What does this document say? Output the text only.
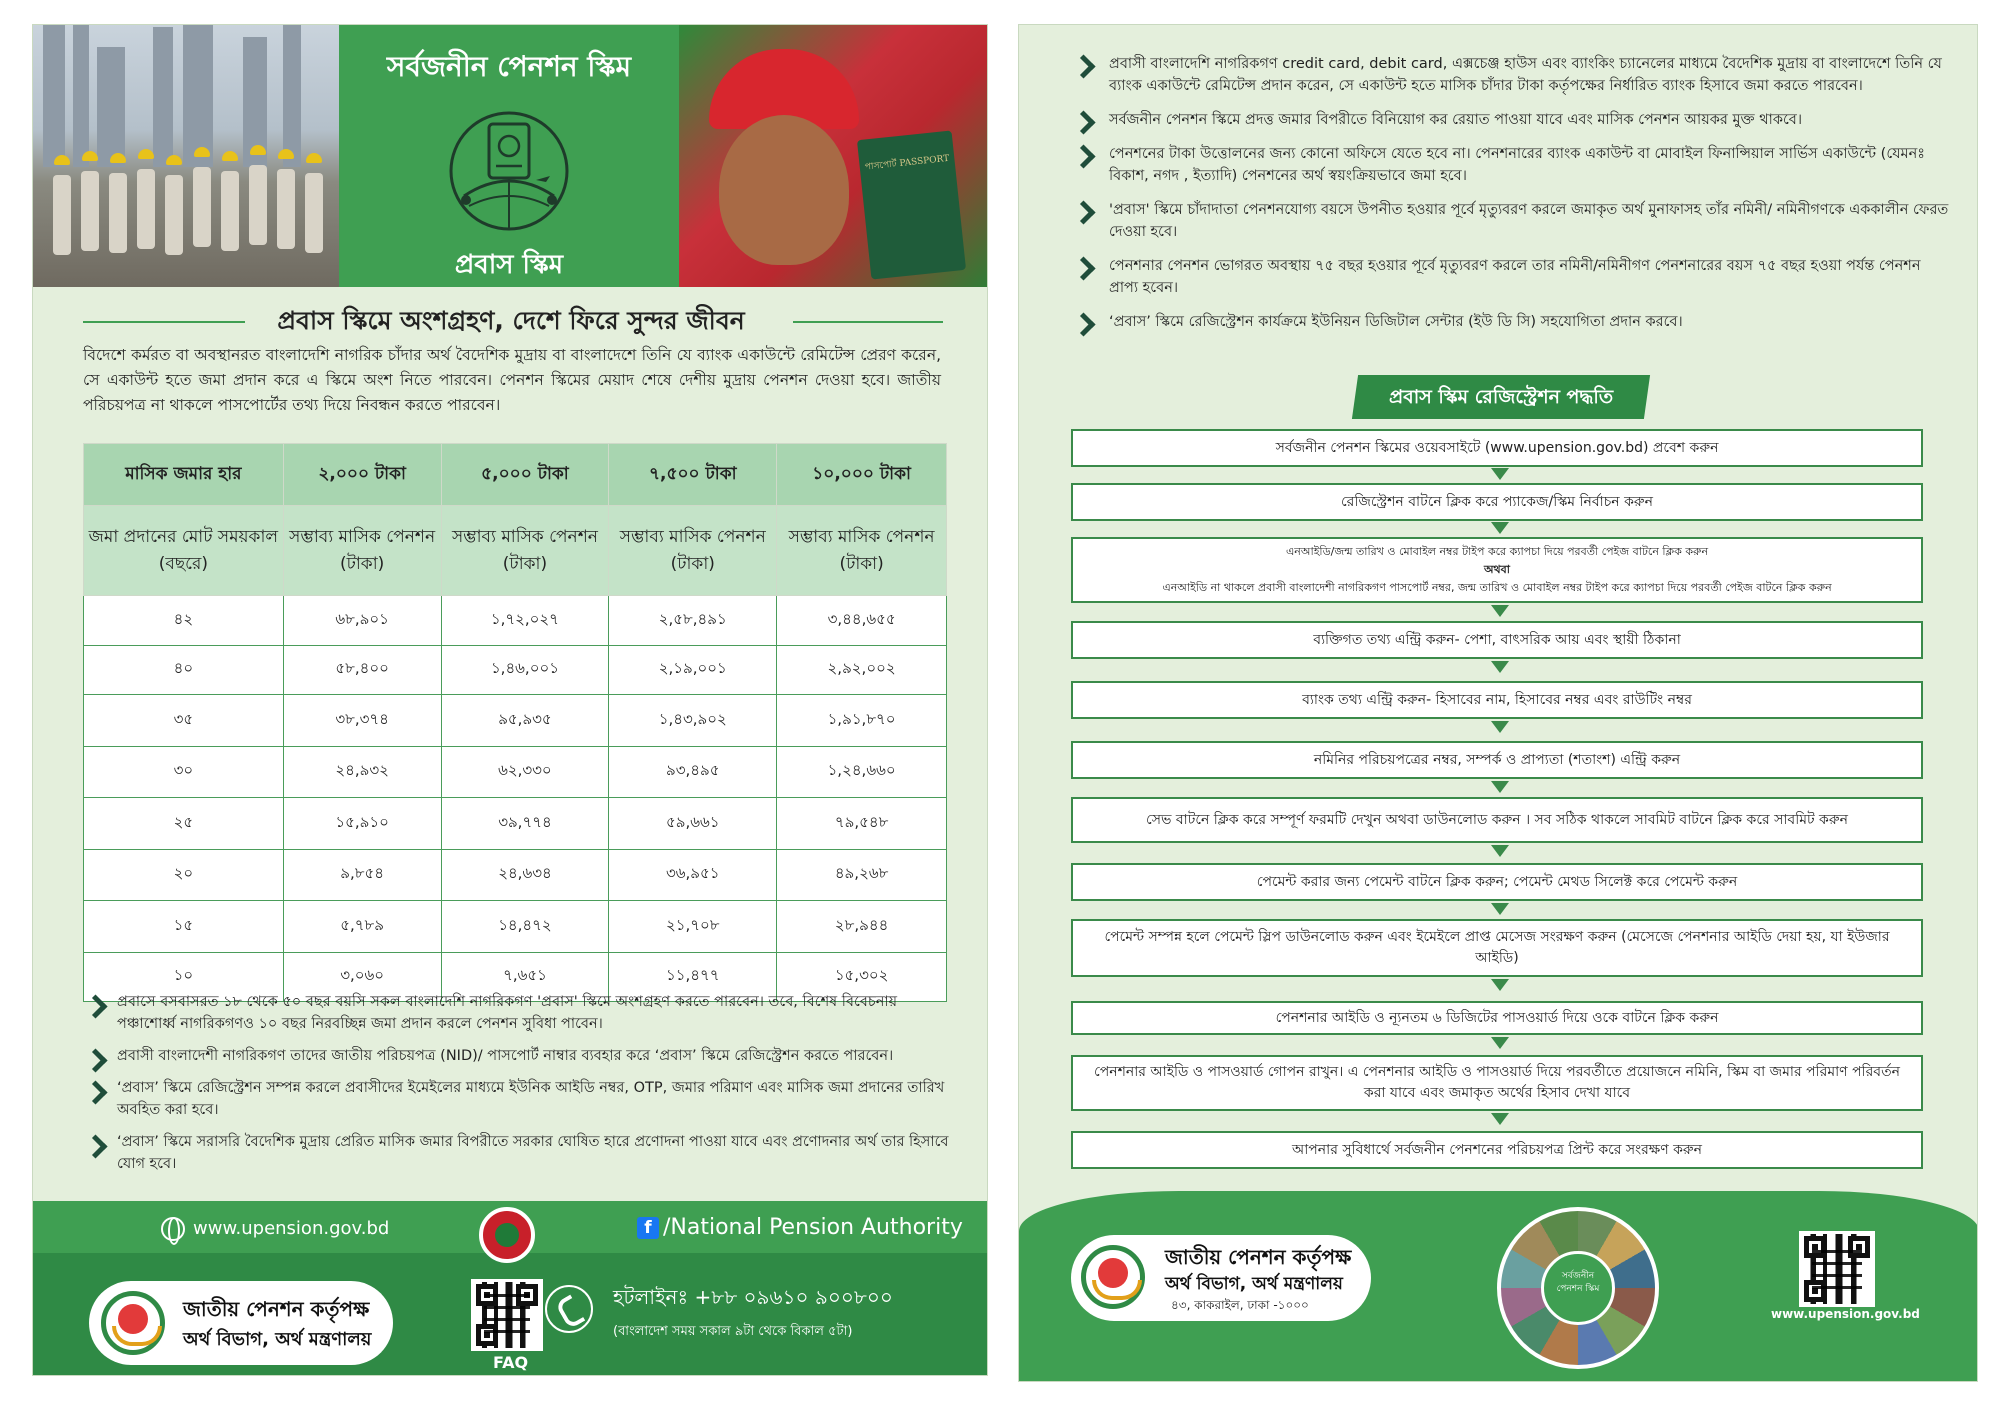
সর্বজনীন পেনশন স্কিম
প্রবাস স্কিম
পাসপোর্ট PASSPORT
প্রবাস স্কিমে অংশগ্রহণ, দেশে ফিরে সুন্দর জীবন

বিদেশে কর্মরত বা অবস্থানরত বাংলাদেশি নাগরিক চাঁদার অর্থ বৈদেশিক মুদ্রায় বা বাংলাদেশে তিনি যে ব্যাংক একাউন্টে রেমিটেন্স প্রেরণ করেন, সে একাউন্ট হতে জমা প্রদান করে এ স্কিমে অংশ নিতে পারবেন। পেনশন স্কিমের মেয়াদ শেষে দেশীয় মুদ্রায় পেনশন দেওয়া হবে। জাতীয় পরিচয়পত্র না থাকলে পাসপোর্টের তথ্য দিয়ে নিবন্ধন করতে পারবেন।

মাসিক জমার হার	২,০০০ টাকা	৫,০০০ টাকা	৭,৫০০ টাকা	১০,০০০ টাকা
জমা প্রদানের মোট সময়কাল (বছরে)	সম্ভাব্য মাসিক পেনশন (টাকা)	সম্ভাব্য মাসিক পেনশন (টাকা)	সম্ভাব্য মাসিক পেনশন (টাকা)	সম্ভাব্য মাসিক পেনশন (টাকা)
৪২	৬৮,৯০১	১,৭২,০২৭	২,৫৮,৪৯১	৩,৪৪,৬৫৫
৪০	৫৮,৪০০	১,৪৬,০০১	২,১৯,০০১	২,৯২,০০২
৩৫	৩৮,৩৭৪	৯৫,৯৩৫	১,৪৩,৯০২	১,৯১,৮৭০
৩০	২৪,৯৩২	৬২,৩৩০	৯৩,৪৯৫	১,২৪,৬৬০
২৫	১৫,৯১০	৩৯,৭৭৪	৫৯,৬৬১	৭৯,৫৪৮
২০	৯,৮৫৪	২৪,৬৩৪	৩৬,৯৫১	৪৯,২৬৮
১৫	৫,৭৮৯	১৪,৪৭২	২১,৭০৮	২৮,৯৪৪
১০	৩,০৬০	৭,৬৫১	১১,৪৭৭	১৫,৩০২
প্রবাসে বসবাসরত ১৮ থেকে ৫০ বছর বয়সি সকল বাংলাদেশি নাগরিকগণ 'প্রবাস' স্কিমে অংশগ্রহণ করতে পারবেন। তবে, বিশেষ বিবেচনায় পঞ্চাশোর্ধ্ব নাগরিকগণও ১০ বছর নিরবচ্ছিন্ন জমা প্রদান করলে পেনশন সুবিধা পাবেন।
প্রবাসী বাংলাদেশী নাগরিকগণ তাদের জাতীয় পরিচয়পত্র (NID)/ পাসপোর্ট নাম্বার ব্যবহার করে ‘প্রবাস’ স্কিমে রেজিস্ট্রেশন করতে পারবেন।
‘প্রবাস’ স্কিমে রেজিস্ট্রেশন সম্পন্ন করলে প্রবাসীদের ইমেইলের মাধ্যমে ইউনিক আইডি নম্বর, OTP, জমার পরিমাণ এবং মাসিক জমা প্রদানের তারিখ অবহিত করা হবে।
‘প্রবাস’ স্কিমে সরাসরি বৈদেশিক মুদ্রায় প্রেরিত মাসিক জমার বিপরীতে সরকার ঘোষিত হারে প্রণোদনা পাওয়া যাবে এবং প্রণোদনার অর্থ তার হিসাবে যোগ হবে।
www.upension.gov.bd	f /National Pension Authority
জাতীয় পেনশন কর্তৃপক্ষ
অর্থ বিভাগ, অর্থ মন্ত্রণালয়
FAQ
হটলাইনঃ +৮৮ ০৯৬১০ ৯০০৮০০
(বাংলাদেশ সময় সকাল ৯টা থেকে বিকাল ৫টা)
প্রবাসী বাংলাদেশি নাগরিকগণ credit card, debit card, এক্সচেঞ্জ হাউস এবং ব্যাংকিং চ্যানেলের মাধ্যমে বৈদেশিক মুদ্রায় বা বাংলাদেশে তিনি যে ব্যাংক একাউন্টে রেমিটেন্স প্রদান করেন, সে একাউন্ট হতে মাসিক চাঁদার টাকা কর্তৃপক্ষের নির্ধারিত ব্যাংক হিসাবে জমা করতে পারবেন।
সর্বজনীন পেনশন স্কিমে প্রদত্ত জমার বিপরীতে বিনিয়োগ কর রেয়াত পাওয়া যাবে এবং মাসিক পেনশন আয়কর মুক্ত থাকবে।
পেনশনের টাকা উত্তোলনের জন্য কোনো অফিসে যেতে হবে না। পেনশনারের ব্যাংক একাউন্ট বা মোবাইল ফিনান্সিয়াল সার্ভিস একাউন্টে (যেমনঃ বিকাশ, নগদ , ইত্যাদি) পেনশনের অর্থ স্বয়ংক্রিয়ভাবে জমা হবে।
'প্রবাস' স্কিমে চাঁদাদাতা পেনশনযোগ্য বয়সে উপনীত হওয়ার পূর্বে মৃত্যুবরণ করলে জমাকৃত অর্থ মুনাফাসহ তাঁর নমিনী/ নমিনীগণকে এককালীন ফেরত দেওয়া হবে।
পেনশনার পেনশন ভোগরত অবস্থায় ৭৫ বছর হওয়ার পূর্বে মৃত্যুবরণ করলে তার নমিনী/নমিনীগণ পেনশনারের বয়স ৭৫ বছর হওয়া পর্যন্ত পেনশন প্রাপ্য হবেন।
‘প্রবাস’ স্কিমে রেজিস্ট্রেশন কার্যক্রমে ইউনিয়ন ডিজিটাল সেন্টার (ইউ ডি সি) সহযোগিতা প্রদান করবে।
প্রবাস স্কিম রেজিস্ট্রেশন পদ্ধতি
সর্বজনীন পেনশন স্কিমের ওয়েবসাইটে (www.upension.gov.bd) প্রবেশ করুন
রেজিস্ট্রেশন বাটনে ক্লিক করে প্যাকেজ/স্কিম নির্বাচন করুন
এনআইডি/জন্ম তারিখ ও মোবাইল নম্বর টাইপ করে ক্যাপচা দিয়ে পরবর্তী পেইজ বাটনে ক্লিক করুন
অথবা
এনআইডি না থাকলে প্রবাসী বাংলাদেশী নাগরিকগণ পাসপোর্ট নম্বর, জন্ম তারিখ ও মোবাইল নম্বর টাইপ করে ক্যাপচা দিয়ে পরবর্তী পেইজ বাটনে ক্লিক করুন
ব্যক্তিগত তথ্য এন্ট্রি করুন- পেশা, বাৎসরিক আয় এবং স্থায়ী ঠিকানা
ব্যাংক তথ্য এন্ট্রি করুন- হিসাবের নাম, হিসাবের নম্বর এবং রাউটিং নম্বর
নমিনির পরিচয়পত্রের নম্বর, সম্পর্ক ও প্রাপ্যতা (শতাংশ) এন্ট্রি করুন
সেভ বাটনে ক্লিক করে সম্পূর্ণ ফরমটি দেখুন অথবা ডাউনলোড করুন । সব সঠিক থাকলে সাবমিট বাটনে ক্লিক করে সাবমিট করুন
পেমেন্ট করার জন্য পেমেন্ট বাটনে ক্লিক করুন; পেমেন্ট মেথড সিলেক্ট করে পেমেন্ট করুন
পেমেন্ট সম্পন্ন হলে পেমেন্ট স্লিপ ডাউনলোড করুন এবং ইমেইলে প্রাপ্ত মেসেজ সংরক্ষণ করুন (মেসেজে পেনশনার আইডি দেয়া হয়, যা ইউজার আইডি)
পেনশনার আইডি ও ন্যূনতম ৬ ডিজিটের পাসওয়ার্ড দিয়ে ওকে বাটনে ক্লিক করুন
পেনশনার আইডি ও পাসওয়ার্ড গোপন রাখুন। এ পেনশনার আইডি ও পাসওয়ার্ড দিয়ে পরবর্তীতে প্রয়োজনে নমিনি, স্কিম বা জমার পরিমাণ পরিবর্তন করা যাবে এবং জমাকৃত অর্থের হিসাব দেখা যাবে
আপনার সুবিধার্থে সর্বজনীন পেনশনের পরিচয়পত্র প্রিন্ট করে সংরক্ষণ করুন
জাতীয় পেনশন কর্তৃপক্ষ
অর্থ বিভাগ, অর্থ মন্ত্রণালয়
৪৩, কাকরাইল, ঢাকা -১০০০
সর্বজনীন
পেনশন স্কিম
www.upension.gov.bd
